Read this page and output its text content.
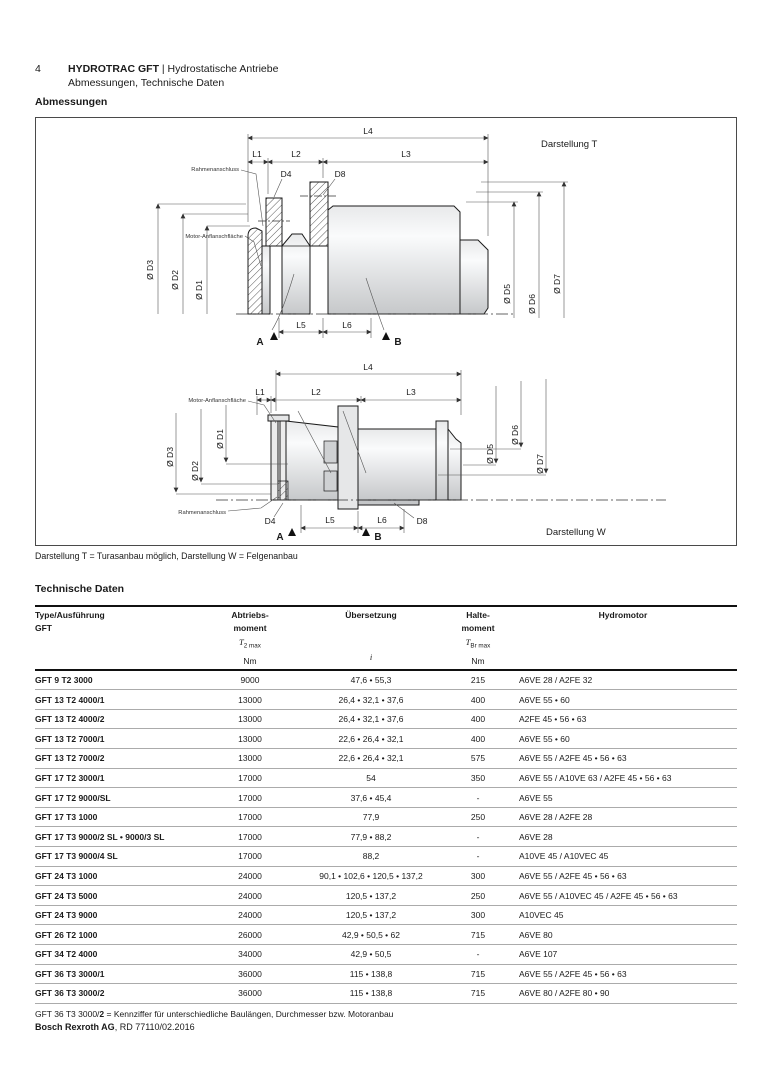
4	HYDROTRAC GFT | Hydrostatische Antriebe
Abmessungen, Technische Daten
Abmessungen
L4
L1	L2	L3
Rahmenanschluss	D4	D8
Motor-Anflanschfläche
Ø D3
Ø D2
Ø D1	Ø D5
Ø D6
Ø D7
L5	L6
A	B
Darstellung T
L4
L1	L2	L3
Motor-Anflanschfläche
Ø D3
Ø D2
Ø D1
Ø D5
Ø D6
Ø D7
Rahmenanschluss
D4	L5	L6	D8
A	B	Darstellung W
Darstellung T = Turasanbau möglich, Darstellung W = Felgenanbau
Technische Daten
Type/Ausführung
GFT

Abtriebs-
moment
$T_{2 max}$
Nm

Übersetzung

i

Halte-
moment
$T_{Br max}$
Nm

Hydromotor

GFT 9 T2 3000	9000	47,6 • 55,3	215	A6VE 28 / A2FE 32
GFT 13 T2 4000/1	13000	26,4 • 32,1 • 37,6	400	A6VE 55 • 60
GFT 13 T2 4000/2	13000	26,4 • 32,1 • 37,6	400	A2FE 45 • 56 • 63
GFT 13 T2 7000/1	13000	22,6 • 26,4 • 32,1	400	A6VE 55 • 60
GFT 13 T2 7000/2	13000	22,6 • 26,4 • 32,1	575	A6VE 55 / A2FE 45 • 56 • 63
GFT 17 T2 3000/1	17000	54	350	A6VE 55 / A10VE 63 / A2FE 45 • 56 • 63
GFT 17 T2 9000/SL	17000	37,6 • 45,4	-	A6VE 55
GFT 17 T3 1000	17000	77,9	250	A6VE 28 / A2FE 28
GFT 17 T3 9000/2 SL • 9000/3 SL	17000	77,9 • 88,2	-	A6VE 28
GFT 17 T3 9000/4 SL	17000	88,2	-	A10VE 45 / A10VEC 45
GFT 24 T3 1000	24000	90,1 • 102,6 • 120,5 • 137,2	300	A6VE 55 / A2FE 45 • 56 • 63
GFT 24 T3 5000	24000	120,5 • 137,2	250	A6VE 55 / A10VEC 45 / A2FE 45 • 56 • 63
GFT 24 T3 9000	24000	120,5 • 137,2	300	A10VEC 45
GFT 26 T2 1000	26000	42,9 • 50,5 • 62	715	A6VE 80
GFT 34 T2 4000	34000	42,9 • 50,5	-	A6VE 107
GFT 36 T3 3000/1	36000	115 • 138,8	715	A6VE 55 / A2FE 45 • 56 • 63
GFT 36 T3 3000/2	36000	115 • 138,8	715	A6VE 80 / A2FE 80 • 90
GFT 36 T3 3000/2 = Kennziffer für unterschiedliche Baulängen, Durchmesser bzw. Motoranbau
Bosch Rexroth AG, RD 77110/02.2016
